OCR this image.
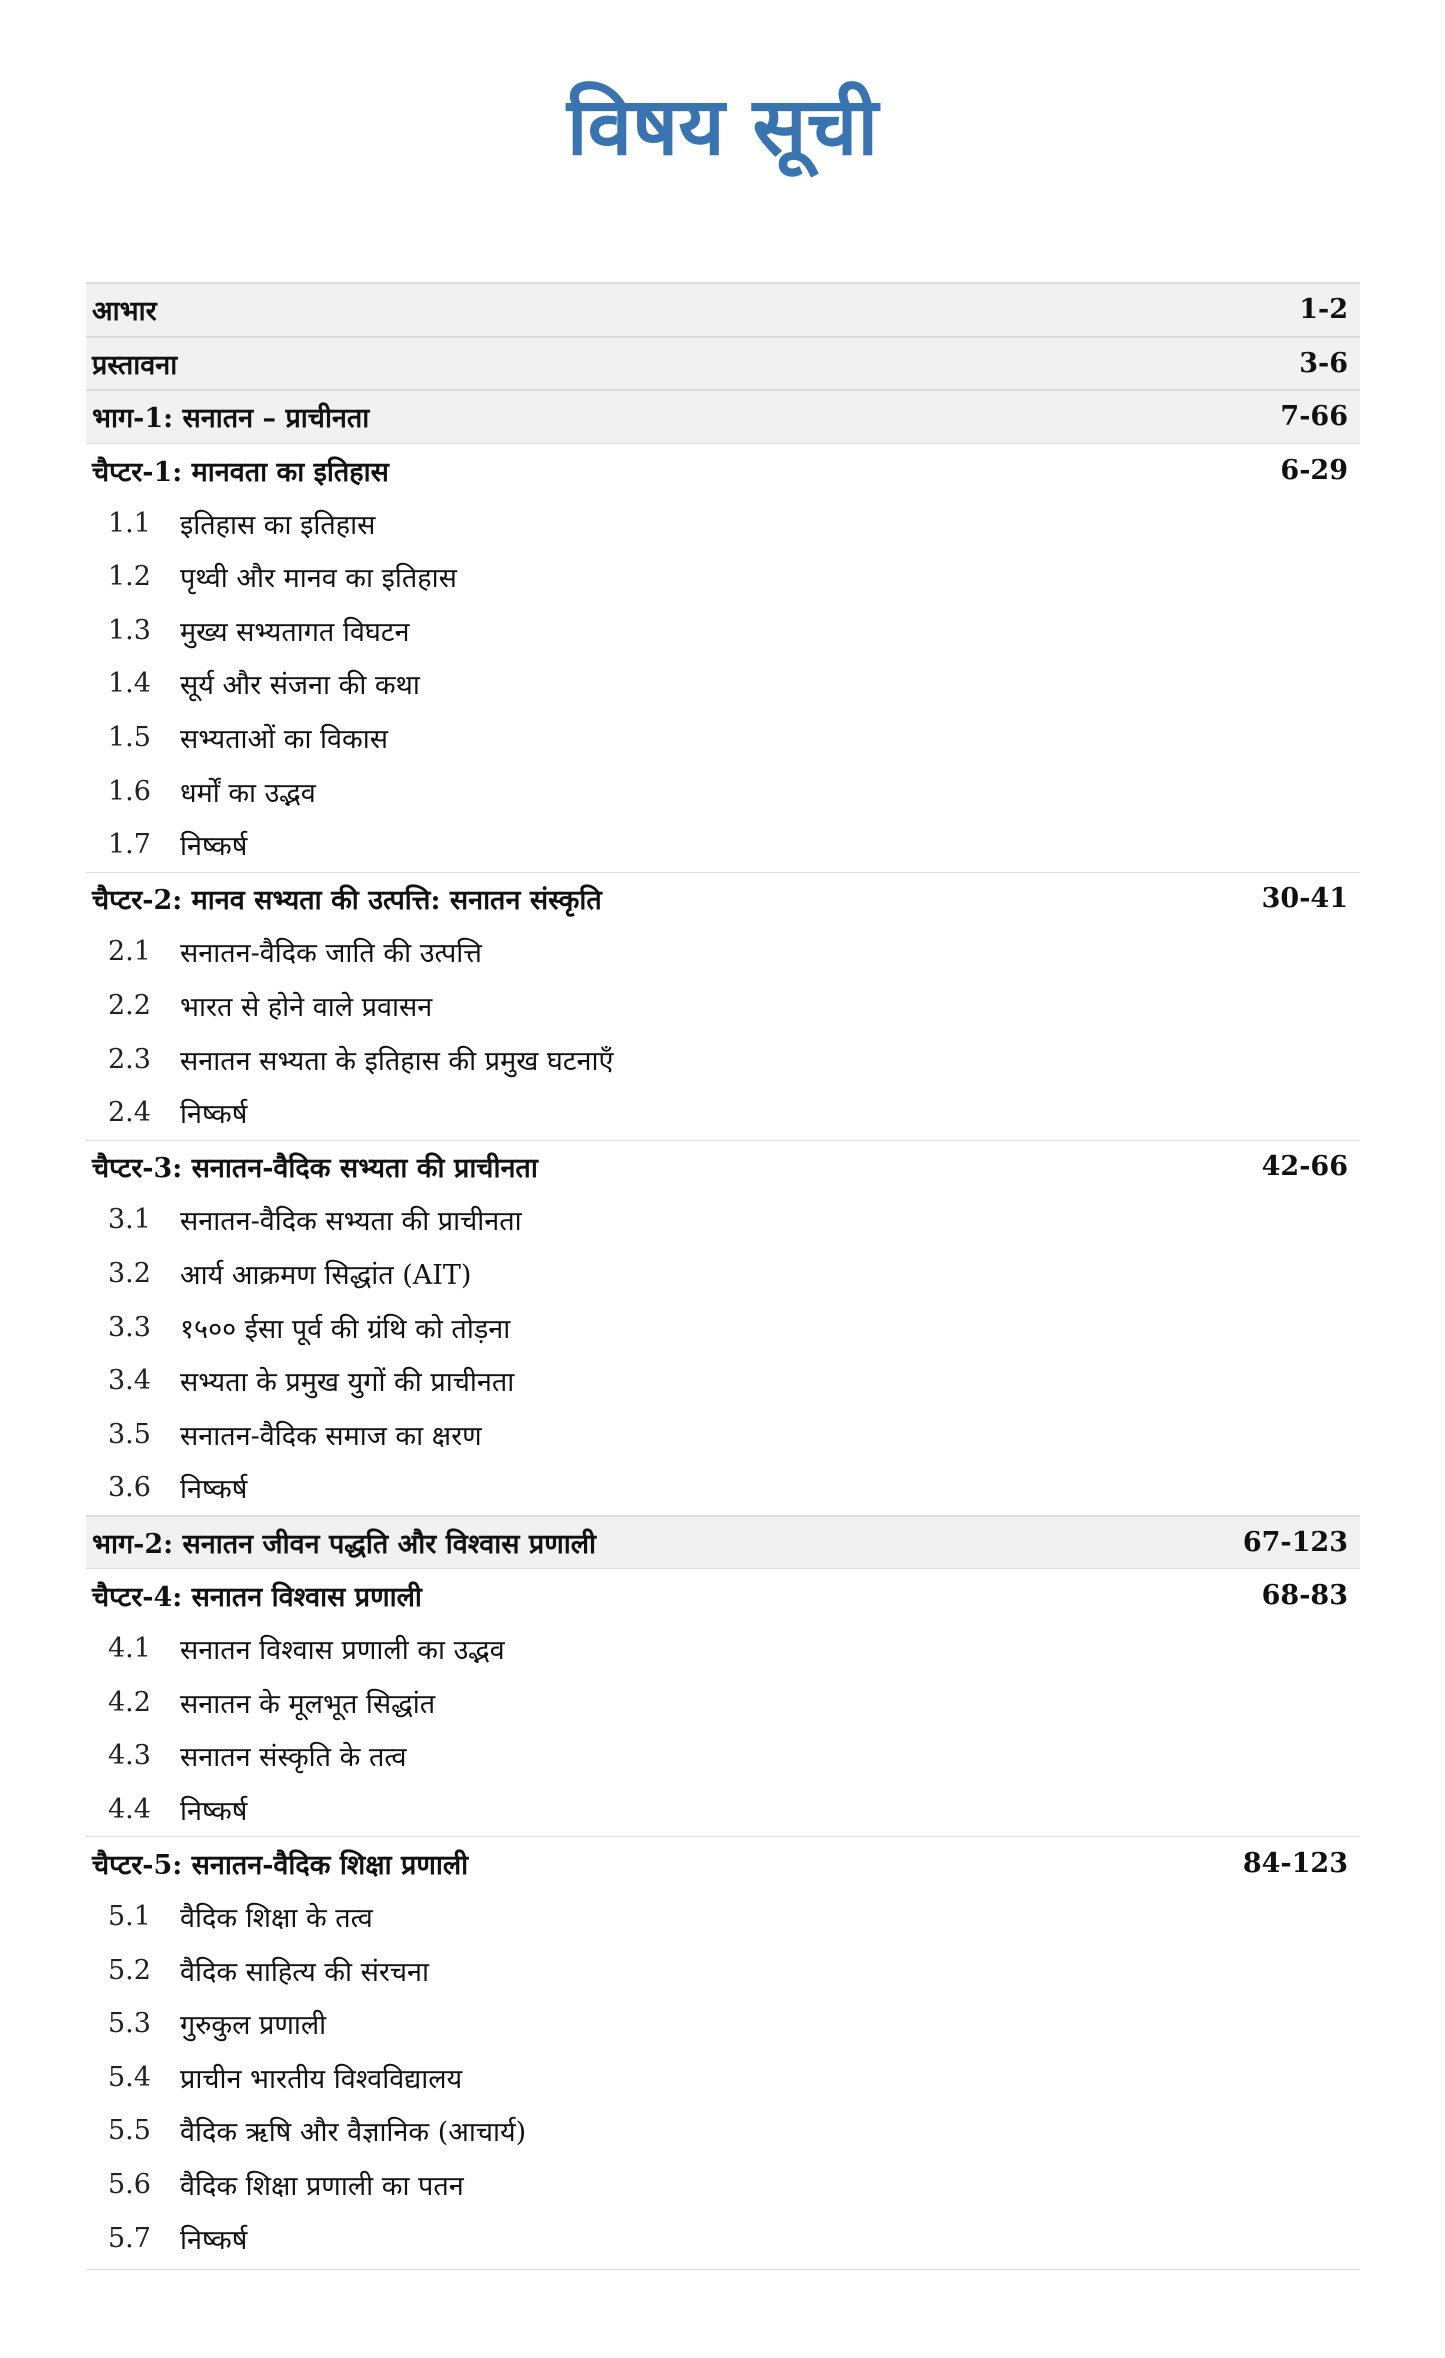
विषय सूची
आभार	1-2
प्रस्तावना	3-6
भाग-1: सनातन – प्राचीनता	7-66
चैप्टर-1: मानवता का इतिहास	6-29
1.1	इतिहास का इतिहास
1.2	पृथ्वी और मानव का इतिहास
1.3	मुख्य सभ्यतागत विघटन
1.4	सूर्य और संजना की कथा
1.5	सभ्यताओं का विकास
1.6	धर्मों का उद्भव
1.7	निष्कर्ष
चैप्टर-2: मानव सभ्यता की उत्पत्ति: सनातन संस्कृति	30-41
2.1	सनातन-वैदिक जाति की उत्पत्ति
2.2	भारत से होने वाले प्रवासन
2.3	सनातन सभ्यता के इतिहास की प्रमुख घटनाएँ
2.4	निष्कर्ष
चैप्टर-3: सनातन-वैदिक सभ्यता की प्राचीनता	42-66
3.1	सनातन-वैदिक सभ्यता की प्राचीनता
3.2	आर्य आक्रमण सिद्धांत (AIT)
3.3	१५०० ईसा पूर्व की ग्रंथि को तोड़ना
3.4	सभ्यता के प्रमुख युगों की प्राचीनता
3.5	सनातन-वैदिक समाज का क्षरण
3.6	निष्कर्ष
भाग-2: सनातन जीवन पद्धति और विश्वास प्रणाली	67-123
चैप्टर-4: सनातन विश्वास प्रणाली	68-83
4.1	सनातन विश्वास प्रणाली का उद्भव
4.2	सनातन के मूलभूत सिद्धांत
4.3	सनातन संस्कृति के तत्व
4.4	निष्कर्ष
चैप्टर-5: सनातन-वैदिक शिक्षा प्रणाली	84-123
5.1	वैदिक शिक्षा के तत्व
5.2	वैदिक साहित्य की संरचना
5.3	गुरुकुल प्रणाली
5.4	प्राचीन भारतीय विश्वविद्यालय
5.5	वैदिक ऋषि और वैज्ञानिक (आचार्य)
5.6	वैदिक शिक्षा प्रणाली का पतन
5.7	निष्कर्ष
